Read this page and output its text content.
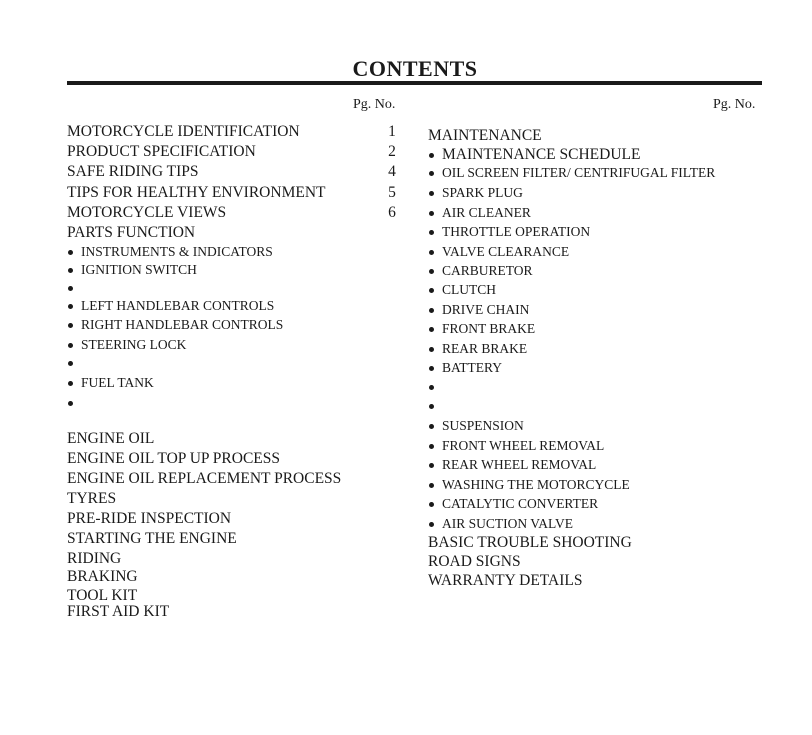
CONTENTS
Pg. No.	Pg. No.
MOTORCYCLE IDENTIFICATION	1
PRODUCT SPECIFICATION	2
SAFE RIDING TIPS	4
TIPS FOR HEALTHY ENVIRONMENT	5
MOTORCYCLE VIEWS	6
PARTS FUNCTION
INSTRUMENTS & INDICATORS
IGNITION SWITCH
LEFT HANDLEBAR CONTROLS
RIGHT HANDLEBAR CONTROLS
STEERING LOCK
FUEL TANK
ENGINE OIL
ENGINE OIL TOP UP PROCESS
ENGINE OIL REPLACEMENT PROCESS
TYRES
PRE-RIDE INSPECTION
STARTING THE ENGINE
RIDING
BRAKING
TOOL KIT
FIRST AID KIT
MAINTENANCE
MAINTENANCE SCHEDULE
OIL SCREEN FILTER/ CENTRIFUGAL FILTER
SPARK PLUG
AIR CLEANER
THROTTLE OPERATION
VALVE CLEARANCE
CARBURETOR
CLUTCH
DRIVE CHAIN
FRONT BRAKE
REAR BRAKE
BATTERY
SUSPENSION
FRONT WHEEL REMOVAL
REAR WHEEL REMOVAL
WASHING THE MOTORCYCLE
CATALYTIC CONVERTER
AIR SUCTION VALVE
BASIC TROUBLE SHOOTING
ROAD SIGNS
WARRANTY DETAILS
